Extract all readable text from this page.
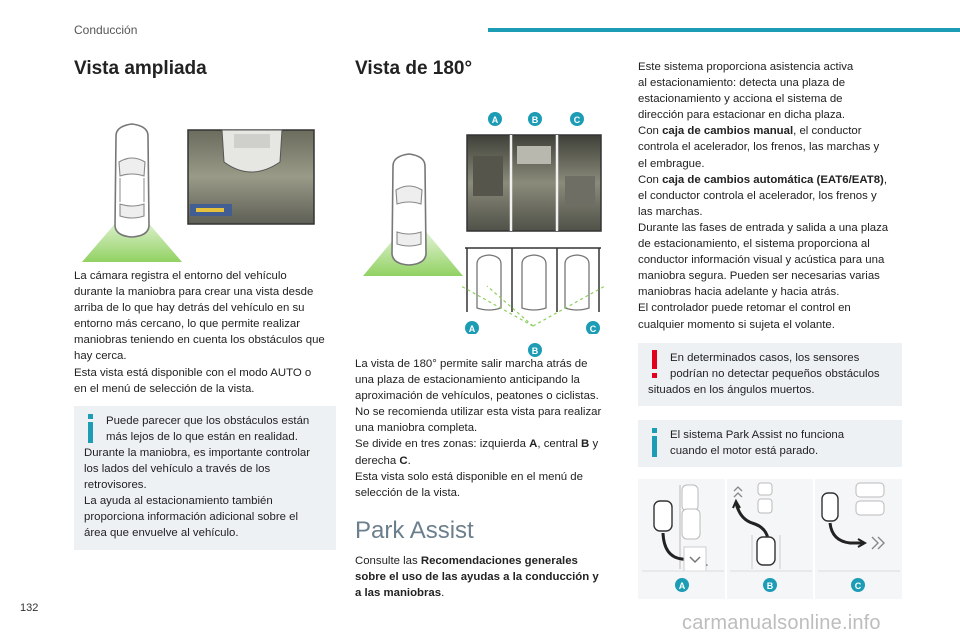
Conducción
Vista ampliada

La cámara registra el entorno del vehículo
durante la maniobra para crear una vista desde
arriba de lo que hay detrás del vehículo en su
entorno más cercano, lo que permite realizar
maniobras teniendo en cuenta los obstáculos que
hay cerca.
Esta vista está disponible con el modo AUTO o
en el menú de selección de la vista.

Puede parecer que los obstáculos están
más lejos de lo que están en realidad.
Durante la maniobra, es importante controlar
los lados del vehículo a través de los
retrovisores.
La ayuda al estacionamiento también
proporciona información adicional sobre el
área que envuelve al vehículo.
Vista de 180°
A	B	C
A	C
B

La vista de 180° permite salir marcha atrás de
una plaza de estacionamiento anticipando la
aproximación de vehículos, peatones o ciclistas.
No se recomienda utilizar esta vista para realizar
una maniobra completa.
Se divide en tres zonas: izquierda A, central B y
derecha C.
Esta vista solo está disponible en el menú de
selección de la vista.

Park Assist

Consulte las Recomendaciones generales
sobre el uso de las ayudas a la conducción y
a las maniobras.

Este sistema proporciona asistencia activa
al estacionamiento: detecta una plaza de
estacionamiento y acciona el sistema de
dirección para estacionar en dicha plaza.
Con caja de cambios manual, el conductor
controla el acelerador, los frenos, las marchas y
el embrague.
Con caja de cambios automática (EAT6/EAT8),
el conductor controla el acelerador, los frenos y
las marchas.
Durante las fases de entrada y salida a una plaza
de estacionamiento, el sistema proporciona al
conductor información visual y acústica para una
maniobra segura. Pueden ser necesarias varias
maniobras hacia adelante y hacia atrás.
El controlador puede retomar el control en
cualquier momento si sujeta el volante.

En determinados casos, los sensores
podrían no detectar pequeños obstáculos
situados en los ángulos muertos.
El sistema Park Assist no funciona
cuando el motor está parado.
A	B	C
132
carmanualsonline.info
